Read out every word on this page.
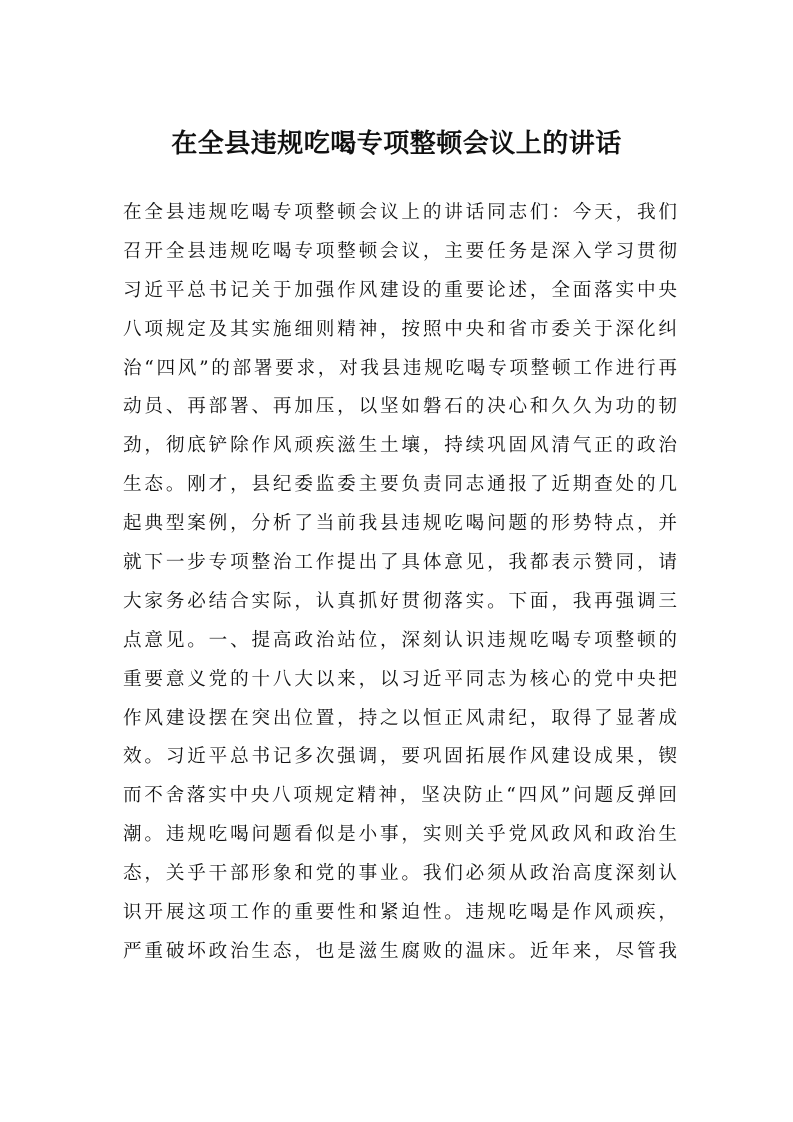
在全县违规吃喝专项整顿会议上的讲话
在全县违规吃喝专项整顿会议上的讲话同志们：今天，我们
召开全县违规吃喝专项整顿会议，主要任务是深入学习贯彻
习近平总书记关于加强作风建设的重要论述，全面落实中央
八项规定及其实施细则精神，按照中央和省市委关于深化纠
治“四风”的部署要求，对我县违规吃喝专项整顿工作进行再
动员、再部署、再加压，以坚如磐石的决心和久久为功的韧
劲，彻底铲除作风顽疾滋生土壤，持续巩固风清气正的政治
生态。刚才，县纪委监委主要负责同志通报了近期查处的几
起典型案例，分析了当前我县违规吃喝问题的形势特点，并
就下一步专项整治工作提出了具体意见，我都表示赞同，请
大家务必结合实际，认真抓好贯彻落实。下面，我再强调三
点意见。一、提高政治站位，深刻认识违规吃喝专项整顿的
重要意义党的十八大以来，以习近平同志为核心的党中央把
作风建设摆在突出位置，持之以恒正风肃纪，取得了显著成
效。习近平总书记多次强调，要巩固拓展作风建设成果，锲
而不舍落实中央八项规定精神，坚决防止“四风”问题反弹回
潮。违规吃喝问题看似是小事，实则关乎党风政风和政治生
态，关乎干部形象和党的事业。我们必须从政治高度深刻认
识开展这项工作的重要性和紧迫性。违规吃喝是作风顽疾，
严重破坏政治生态，也是滋生腐败的温床。近年来，尽管我
